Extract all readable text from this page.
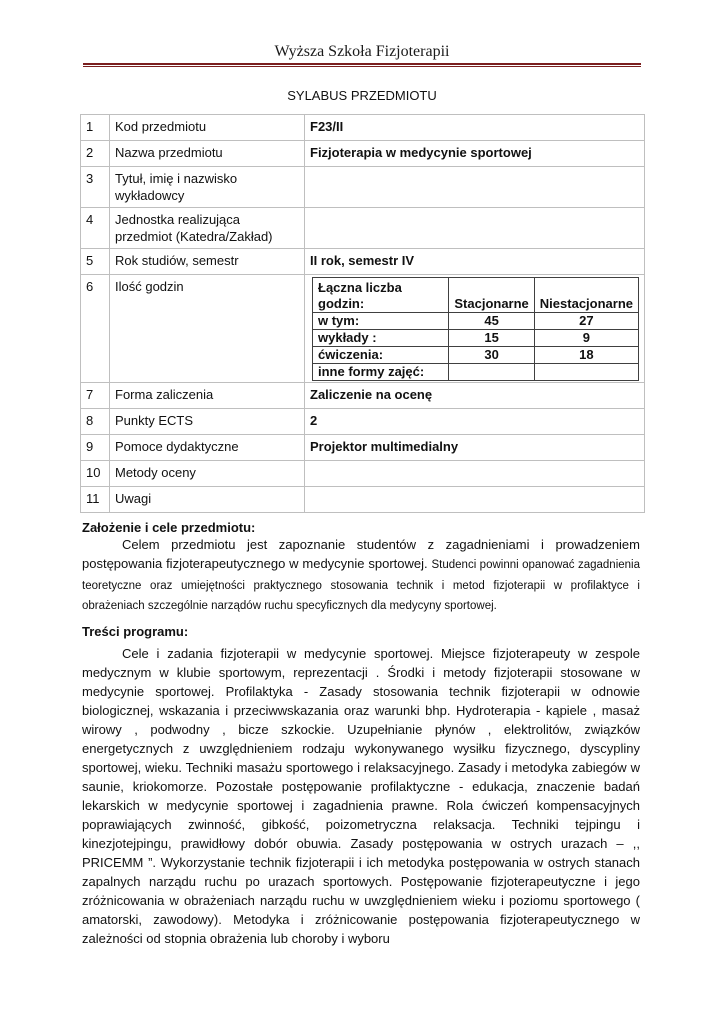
Wyższa Szkoła Fizjoterapii
SYLABUS PRZEDMIOTU
1	Kod przedmiotu	F23/II
2	Nazwa przedmiotu	Fizjoterapia w medycynie sportowej
3	Tytuł, imię i nazwisko wykładowcy	
4	Jednostka realizująca przedmiot (Katedra/Zakład)	
5	Rok studiów, semestr	II rok, semestr IV
6	Ilość godzin		Łączna liczba godzin:	Stacjonarne	Niestacjonarne
w tym:	45	27
wykłady :	15	9
ćwiczenia:	30	18
inne formy zajęć:		

7	Forma zaliczenia	Zaliczenie na ocenę
8	Punkty ECTS	2
9	Pomoce dydaktyczne	Projektor multimedialny
10	Metody oceny	
11	Uwagi	
Założenie i cele przedmiotu:
Celem przedmiotu jest zapoznanie studentów z zagadnieniami i prowadzeniem postępowania fizjoterapeutycznego w medycynie sportowej. Studenci powinni opanować zagadnienia teoretyczne oraz umiejętności praktycznego stosowania technik i metod fizjoterapii w profilaktyce i obrażeniach szczególnie narządów ruchu specyficznych dla medycyny sportowej.
Treści programu:
Cele i zadania fizjoterapii w medycynie sportowej. Miejsce fizjoterapeuty w zespole medycznym w klubie sportowym, reprezentacji . Środki i metody fizjoterapii stosowane w medycynie sportowej. Profilaktyka - Zasady stosowania technik fizjoterapii w odnowie biologicznej, wskazania i przeciwwskazania oraz warunki bhp. Hydroterapia - kąpiele , masaż wirowy , podwodny , bicze szkockie. Uzupełnianie płynów , elektrolitów, związków energetycznych z uwzględnieniem rodzaju wykonywanego wysiłku fizycznego, dyscypliny sportowej, wieku. Techniki masażu sportowego i relaksacyjnego. Zasady i metodyka zabiegów w saunie, kriokomorze. Pozostałe postępowanie profilaktyczne - edukacja, znaczenie badań lekarskich w medycynie sportowej i zagadnienia prawne. Rola ćwiczeń kompensacyjnych poprawiających zwinność, gibkość, poizometryczna relaksacja. Techniki tejpingu i kinezjotejpingu, prawidłowy dobór obuwia. Zasady postępowania w ostrych urazach – ,, PRICEMM ”. Wykorzystanie technik fizjoterapii i ich metodyka postępowania w ostrych stanach zapalnych narządu ruchu po urazach sportowych. Postępowanie fizjoterapeutyczne i jego zróżnicowania w obrażeniach narządu ruchu w uwzględnieniem wieku i poziomu sportowego ( amatorski, zawodowy). Metodyka i zróżnicowanie postępowania fizjoterapeutycznego w zależności od stopnia obrażenia lub choroby i wyboru
